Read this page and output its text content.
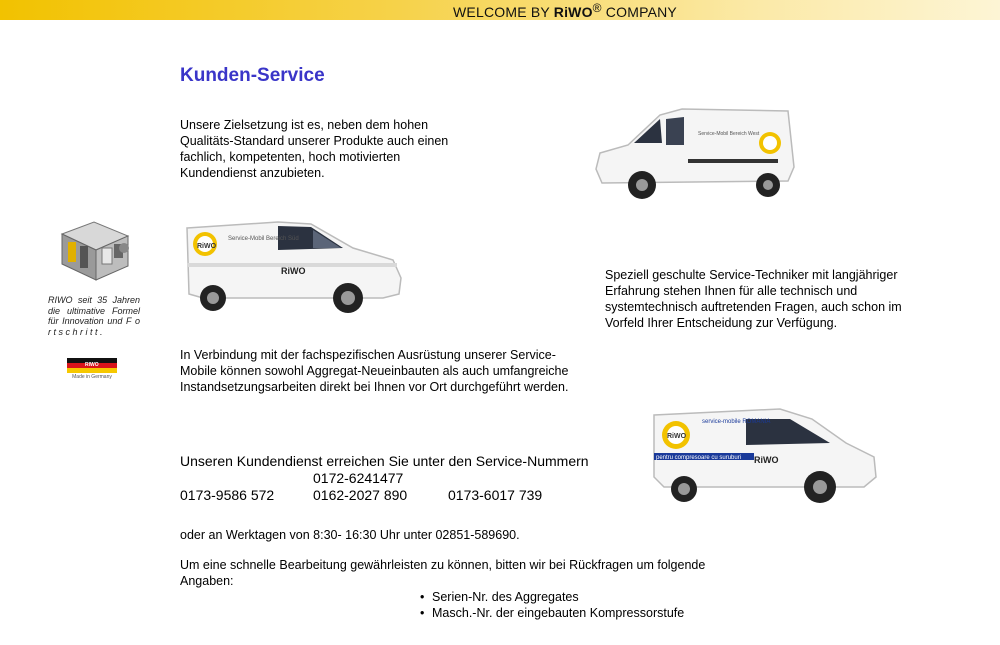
WELCOME BY RiWO® COMPANY
Kunden-Service

Unsere Zielsetzung ist es, neben dem hohen Qualitäts-Standard unserer Produkte auch einen fachlich, kompetenten, hoch motivierten Kundendienst anzubieten.

Speziell geschulte Service-Techniker mit langjähriger Erfahrung stehen Ihnen für alle technisch und systemtechnisch auftretenden Fragen, auch schon im Vorfeld Ihrer Entscheidung zur Verfügung.

In Verbindung mit der fachspezifischen Ausrüstung unserer Service-Mobile können sowohl Aggregat-Neueinbauten als auch umfangreiche Instandsetzungsarbeiten direkt bei Ihnen vor Ort durchgeführt werden.

Unseren Kundendienst erreichen Sie unter den Service-Nummern
0172-6241477
0173-9586 572	0162-2027 890	0173-6017 739

oder an Werktagen von 8:30- 16:30 Uhr unter 02851-589690.

Um eine schnelle Bearbeitung gewährleisten zu können, bitten wir bei Rückfragen um folgende Angaben:

• Serien-Nr. des Aggregates
• Masch.-Nr. der eingebauten Kompressorstufe
RIWO seit 35 Jahren die ultimative Formel für Innovation und F o r t s c h r i t t .
RIWO
Made in Germany
RiWO
Service-Mobil Bereich Süd
RiWO
Service-Mobil Bereich West
pentru compresoare cu suruburi
RiWO
service-mobile ROMANIA
RiWO
